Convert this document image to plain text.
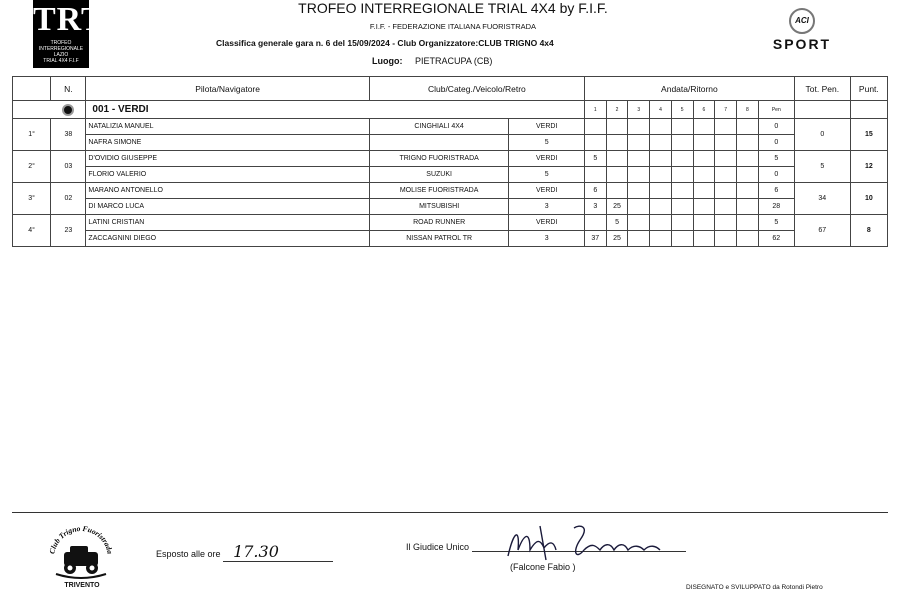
TRT
TROFEO INTERREGIONALE
LAZIO
TRIAL 4X4 F.I.F
TROFEO INTERREGIONALE TRIAL 4X4 by F.I.F.
F.I.F. - FEDERAZIONE ITALIANA FUORISTRADA
Classifica generale gara n. 6 del 15/09/2024 - Club Organizzatore:CLUB TRIGNO 4x4
Luogo: PIETRACUPA (CB)
ACI
SPORT
	N.	Pilota/Navigatore	Club/Categ./Veicolo/Retro		Andata/Ritorno									Tot. Pen.	Punt.
		001 - VERDI			1	2	3	4	5	6	7	8	Pen		
1°	38	NATALIZIA MANUEL	CINGHIALI 4X4	VERDI									0	0	15
		NAFRA SIMONE		5									0		
2°	03	D'OVIDIO GIUSEPPE	TRIGNO FUORISTRADA	VERDI	5								5	5	12
		FLORIO VALERIO	SUZUKI	5									0		
3°	02	MARANO ANTONELLO	MOLISE FUORISTRADA	VERDI	6								6	34	10
		DI MARCO LUCA	MITSUBISHI	3	3	25							28		
4°	23	LATINI CRISTIAN	ROAD RUNNER	VERDI		5							5	67	8
		ZACCAGNINI DIEGO	NISSAN PATROL TR	3	37	25							62		
Club Trigno Fuoristrada
TRIVENTO
Esposto alle ore 17.30	Il Giudice Unico
(Falcone Fabio )
DISEGNATO e SVILUPPATO da Rotondi Pietro
